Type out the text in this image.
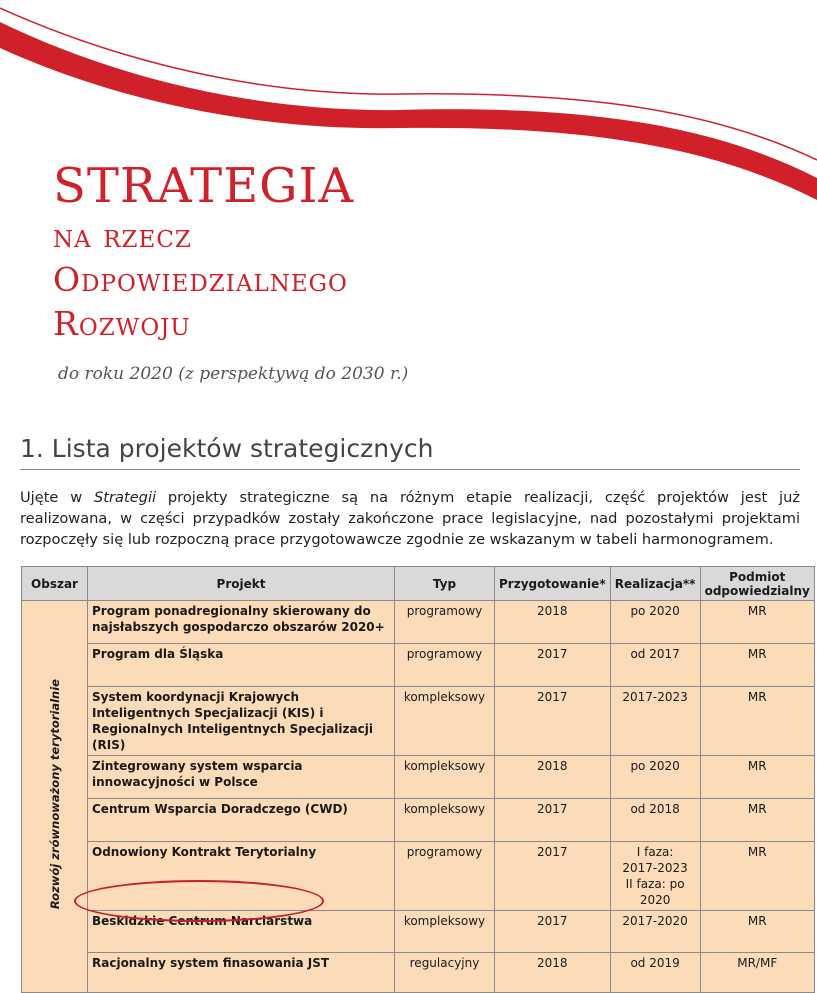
STRATEGIA
na rzecz
Odpowiedzialnego
Rozwoju
do roku 2020 (z perspektywą do 2030 r.)
1. Lista projektów strategicznych

Ujęte w Strategii projekty strategiczne są na różnym etapie realizacji, część projektów jest już realizowana, w części przypadków zostały zakończone prace legislacyjne, nad pozostałymi projektami rozpoczęły się lub rozpoczną prace przygotowawcze zgodnie ze wskazanym w tabeli harmonogramem.

Obszar	Projekt	Typ	Przygotowanie*	Realizacja**	Podmiot odpowiedzialny
Rozwój zrównoważony terytorialnie	Program ponadregionalny skierowany do najsłabszych gospodarczo obszarów 2020+	programowy	2018	po 2020	MR
	Program dla Śląska	programowy	2017	od 2017	MR
	System koordynacji Krajowych Inteligentnych Specjalizacji (KIS) i Regionalnych Inteligentnych Specjalizacji (RIS)	kompleksowy	2017	2017-2023	MR
	Zintegrowany system wsparcia innowacyjności w Polsce	kompleksowy	2018	po 2020	MR
	Centrum Wsparcia Doradczego (CWD)	kompleksowy	2017	od 2018	MR
	Odnowiony Kontrakt Terytorialny	programowy	2017	I faza: 2017-2023 II faza: po 2020	MR
	Beskidzkie Centrum Narciarstwa	kompleksowy	2017	2017-2020	MR
	Racjonalny system finasowania JST	regulacyjny	2018	od 2019	MR/MF
